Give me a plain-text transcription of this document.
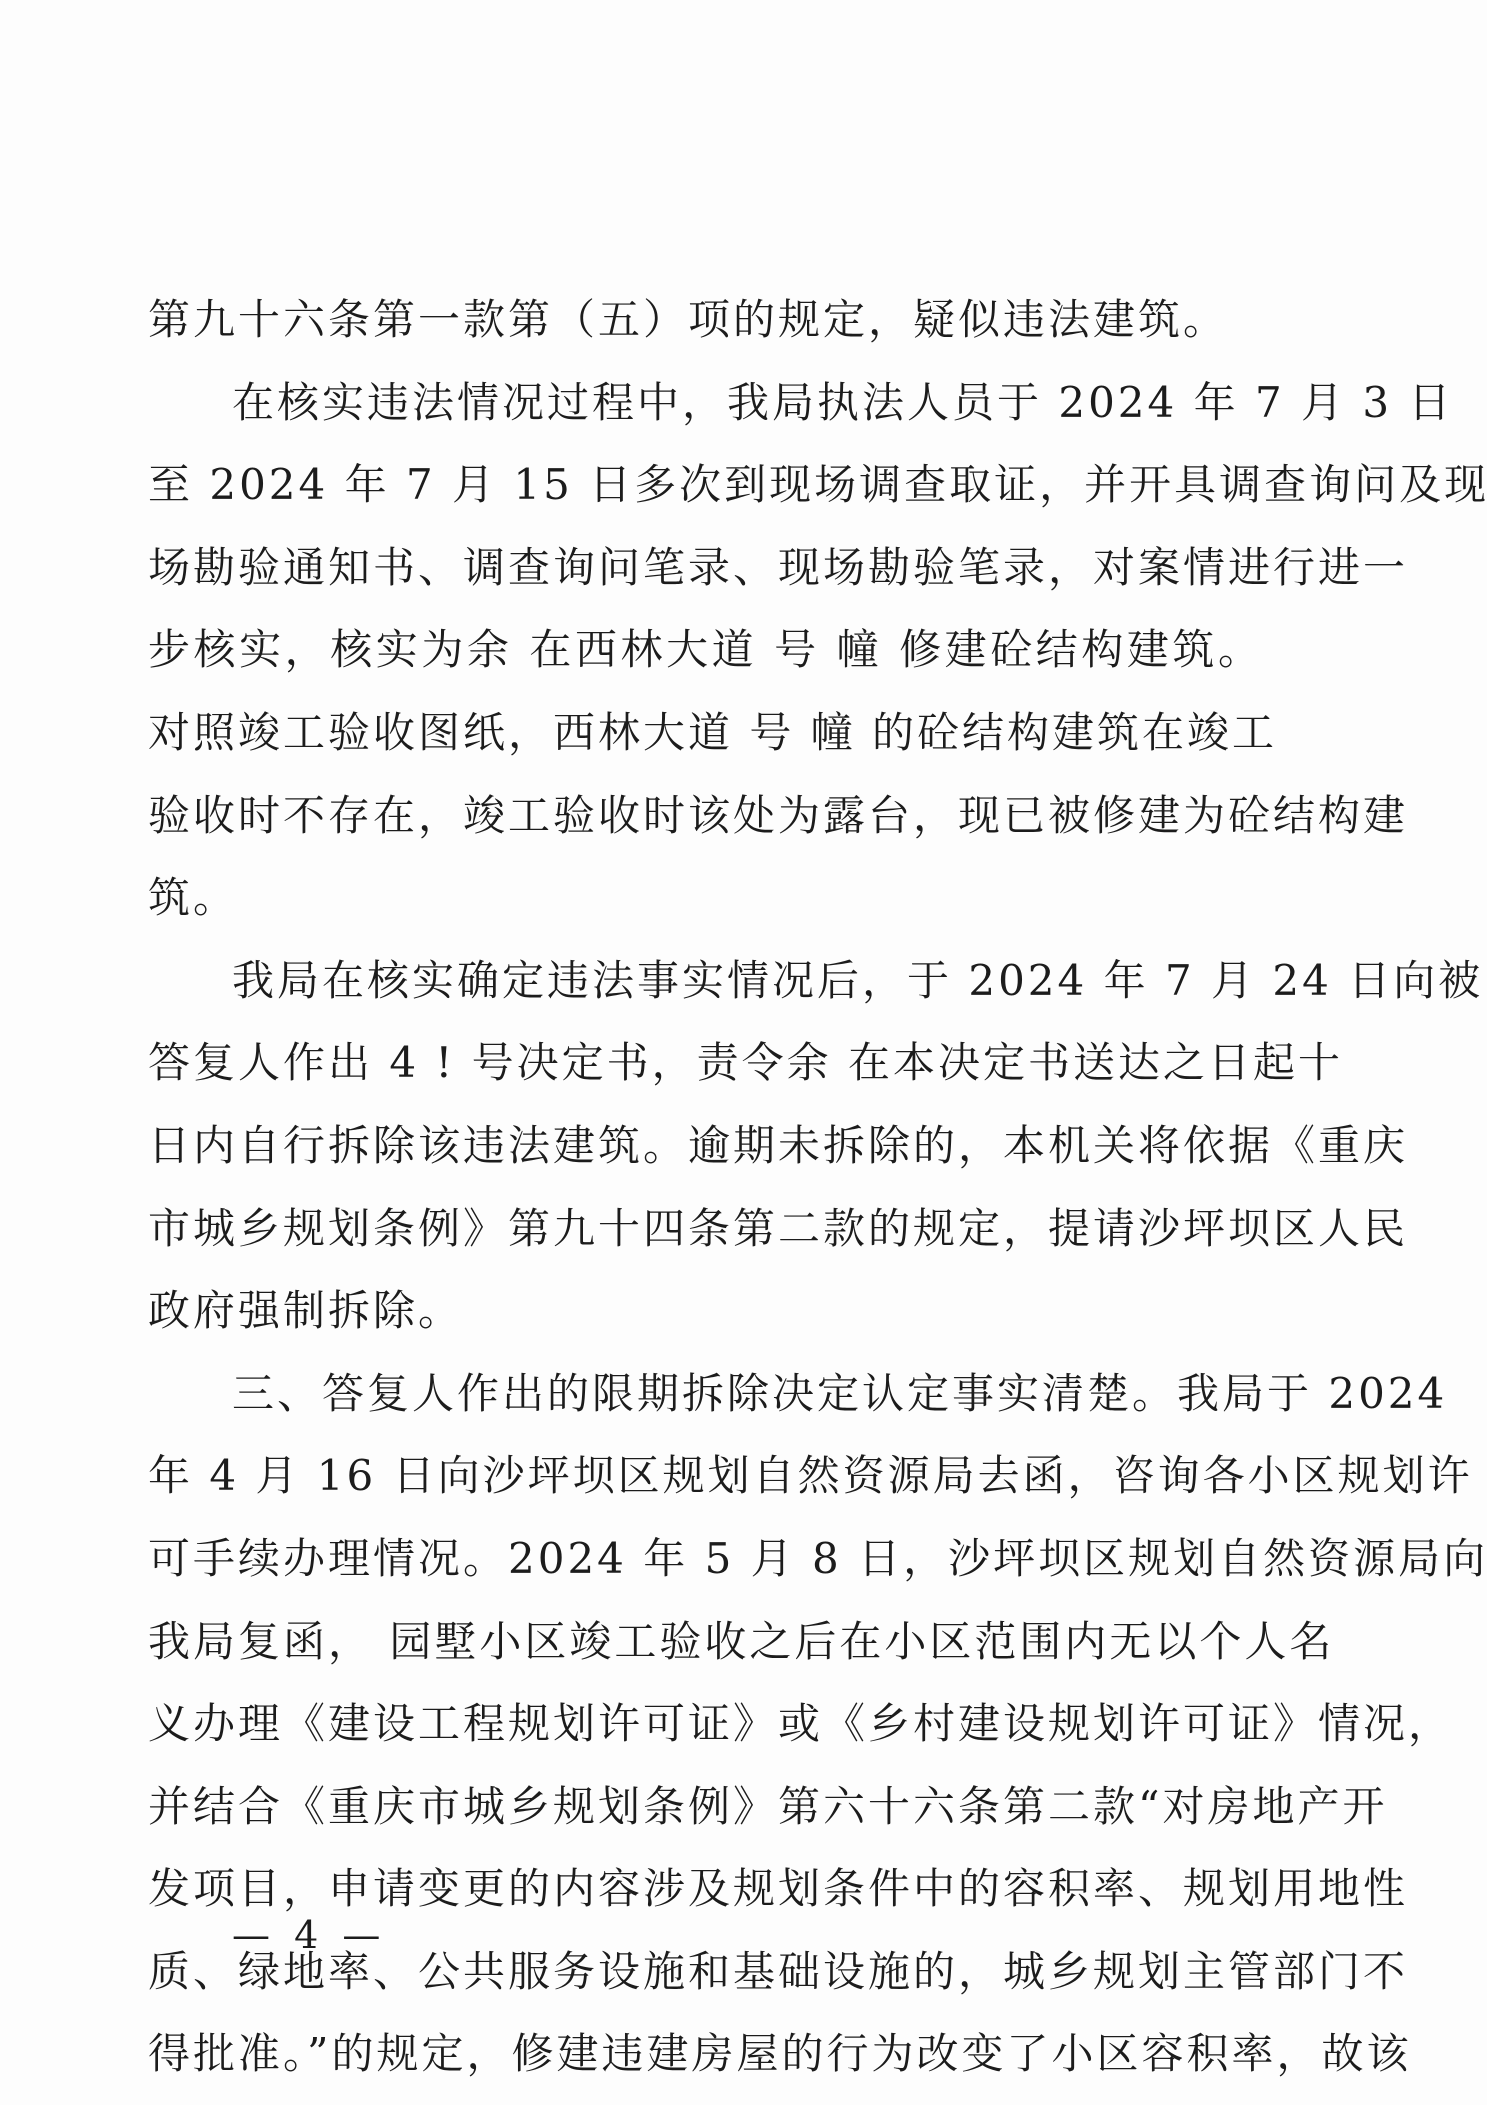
第九十六条第一款第（五）项的规定，疑似违法建筑。
在核实违法情况过程中，我局执法人员于 2024 年 7 月 3 日
至 2024 年 7 月 15 日多次到现场调查取证，并开具调查询问及现
场勘验通知书、调查询问笔录、现场勘验笔录，对案情进行进一
步核实，核实为余 在西林大道 号 幢 修建砼结构建筑。
对照竣工验收图纸，西林大道 号 幢 的砼结构建筑在竣工
验收时不存在，竣工验收时该处为露台，现已被修建为砼结构建
筑。
我局在核实确定违法事实情况后，于 2024 年 7 月 24 日向被
答复人作出 4 ! 号决定书，责令余 在本决定书送达之日起十
日内自行拆除该违法建筑。逾期未拆除的，本机关将依据《重庆
市城乡规划条例》第九十四条第二款的规定，提请沙坪坝区人民
政府强制拆除。
三、答复人作出的限期拆除决定认定事实清楚。我局于 2024
年 4 月 16 日向沙坪坝区规划自然资源局去函，咨询各小区规划许
可手续办理情况。2024 年 5 月 8 日，沙坪坝区规划自然资源局向
我局复函， 园墅小区竣工验收之后在小区范围内无以个人名
义办理《建设工程规划许可证》或《乡村建设规划许可证》情况，
并结合《重庆市城乡规划条例》第六十六条第二款“对房地产开
发项目，申请变更的内容涉及规划条件中的容积率、规划用地性
质、绿地率、公共服务设施和基础设施的，城乡规划主管部门不
得批准。”的规定，修建违建房屋的行为改变了小区容积率，故该
— 4 —
